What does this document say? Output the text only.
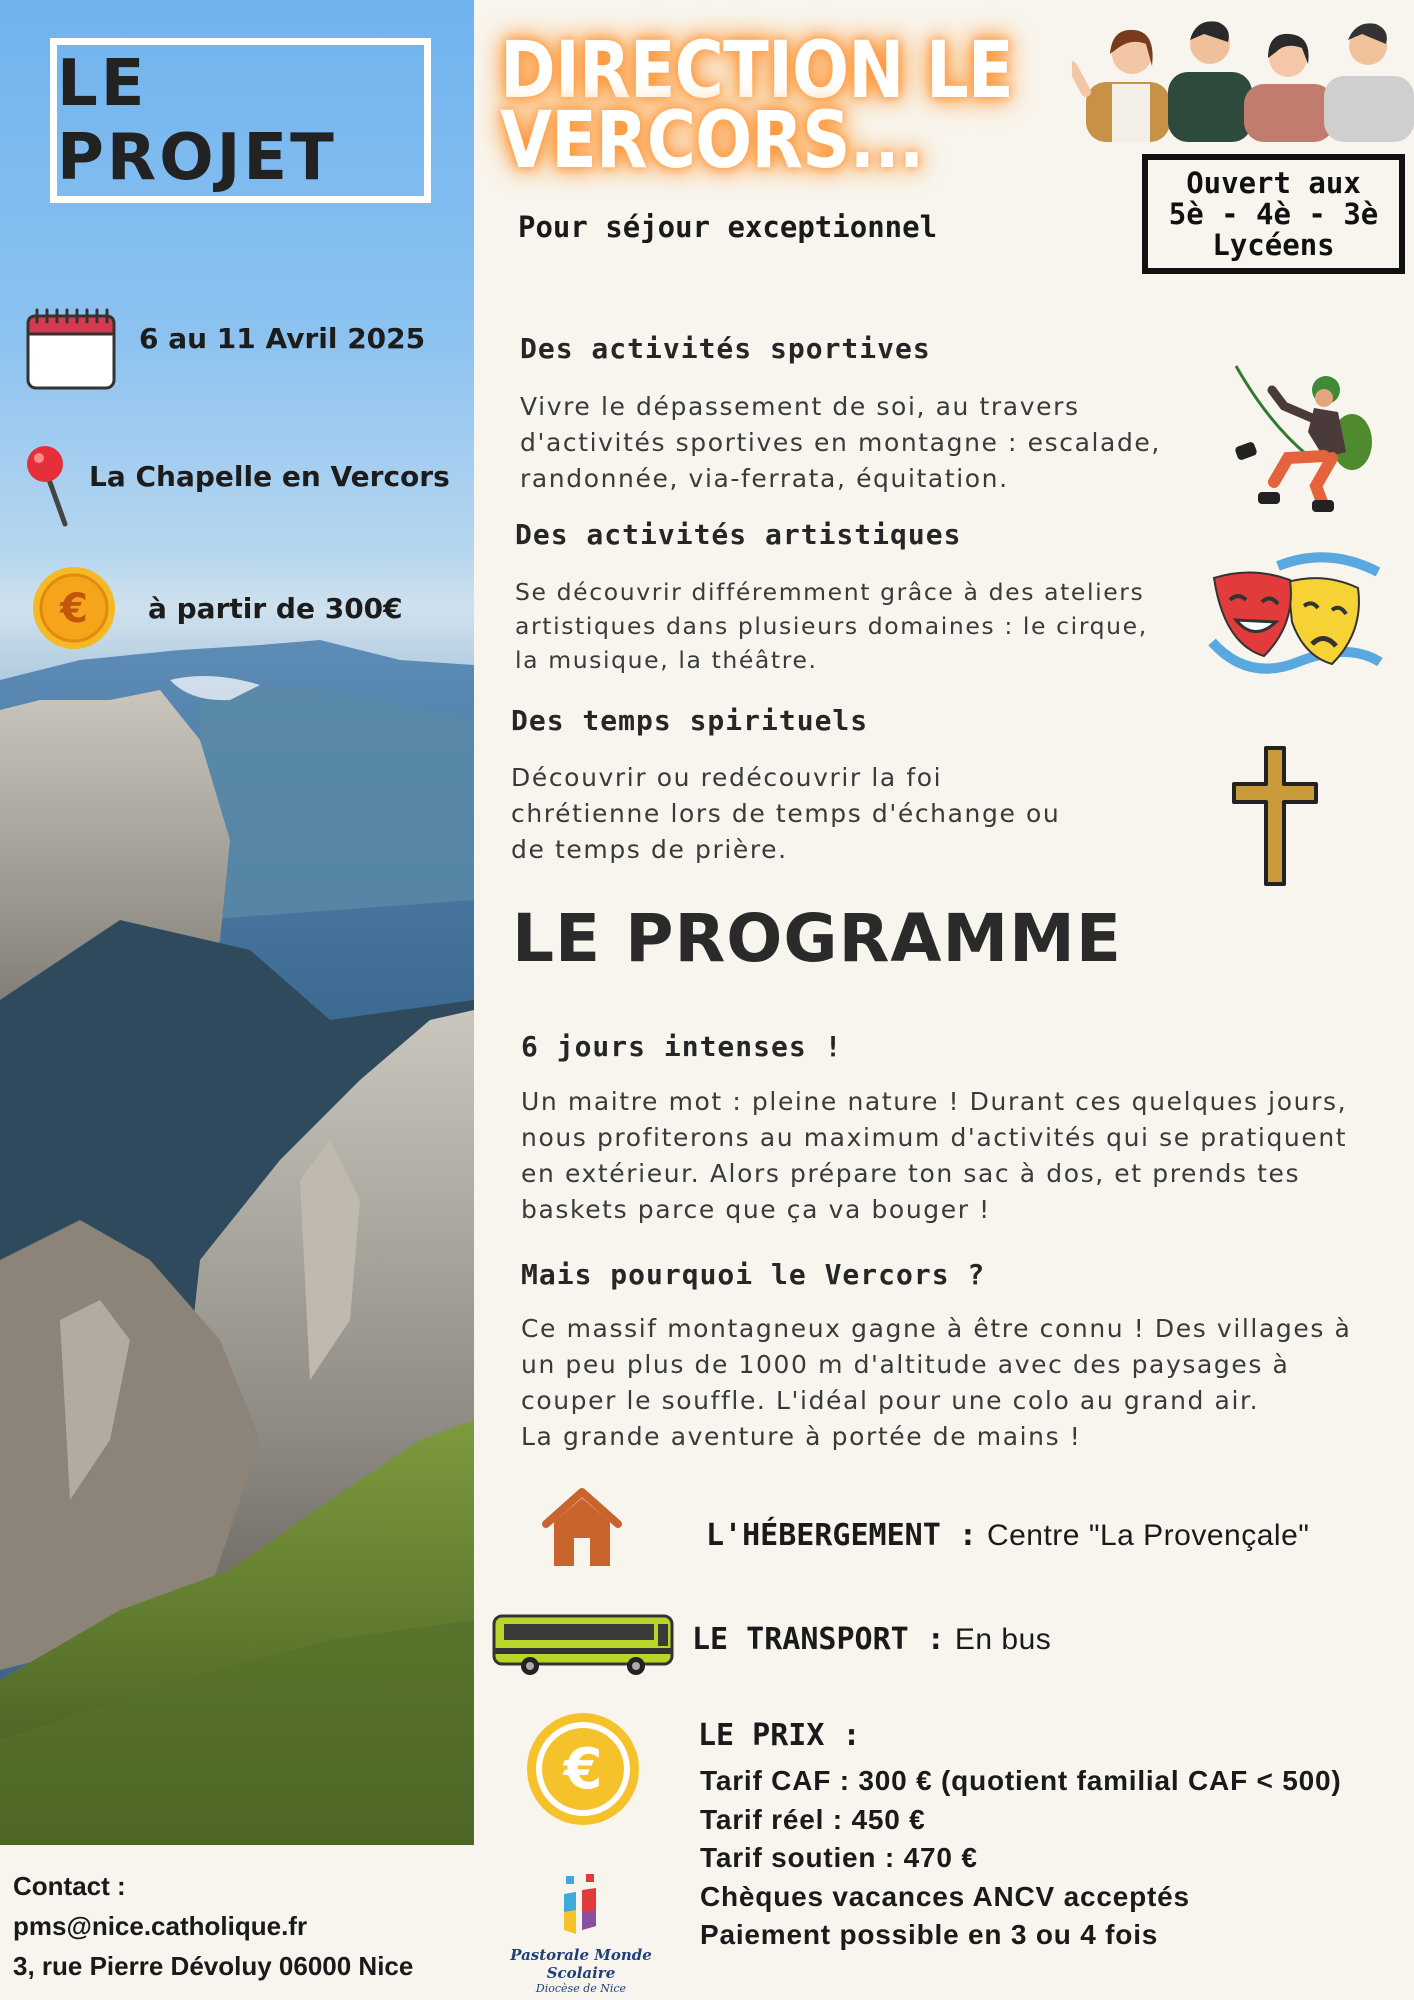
LE PROJET
6 au 11 Avril 2025
La Chapelle en Vercors
€ à partir de 300€
Contact :
pms@nice.catholique.fr
3, rue Pierre Dévoluy 06000 Nice
DIRECTION LE
VERCORS...
Pour séjour exceptionnel
Ouvert aux
5è - 4è - 3è
Lycéens
Des activités sportives
Vivre le dépassement de soi, au travers
d'activités sportives en montagne : escalade,
randonnée, via-ferrata, équitation.
Des activités artistiques
Se découvrir différemment grâce à des ateliers
artistiques dans plusieurs domaines : le cirque,
la musique, la théâtre.
Des temps spirituels
Découvrir ou redécouvrir la foi
chrétienne lors de temps d'échange ou
de temps de prière.
LE PROGRAMME
6 jours intenses !
Un maitre mot : pleine nature ! Durant ces quelques jours,
nous profiterons au maximum d'activités qui se pratiquent
en extérieur. Alors prépare ton sac à dos, et prends tes
baskets parce que ça va bouger !
Mais pourquoi le Vercors ?
Ce massif montagneux gagne à être connu ! Des villages à
un peu plus de 1000 m d'altitude avec des paysages à
couper le souffle. L'idéal pour une colo au grand air.
La grande aventure à portée de mains !
L'HÉBERGEMENT : Centre "La Provençale"
LE TRANSPORT : En bus
€
LE PRIX :
Tarif CAF : 300 € (quotient familial CAF < 500)
Tarif réel : 450 €
Tarif soutien : 470 €
Chèques vacances ANCV acceptés
Paiement possible en 3 ou 4 fois
Pastorale Monde Scolaire
Diocèse de Nice
